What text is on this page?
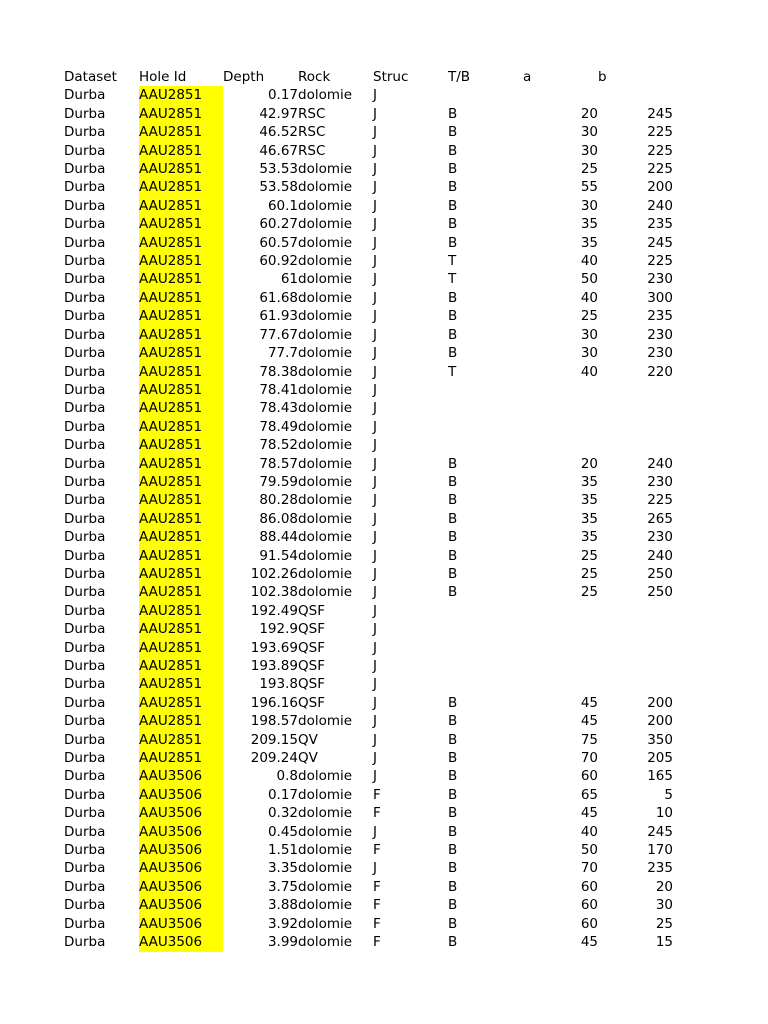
Dataset	Hole Id	Depth	Rock	Struc	T/B	a	b
Durba	AAU2851	0.17	dolomie	J			
Durba	AAU2851	42.97	RSC	J	B	20	245
Durba	AAU2851	46.52	RSC	J	B	30	225
Durba	AAU2851	46.67	RSC	J	B	30	225
Durba	AAU2851	53.53	dolomie	J	B	25	225
Durba	AAU2851	53.58	dolomie	J	B	55	200
Durba	AAU2851	60.1	dolomie	J	B	30	240
Durba	AAU2851	60.27	dolomie	J	B	35	235
Durba	AAU2851	60.57	dolomie	J	B	35	245
Durba	AAU2851	60.92	dolomie	J	T	40	225
Durba	AAU2851	61	dolomie	J	T	50	230
Durba	AAU2851	61.68	dolomie	J	B	40	300
Durba	AAU2851	61.93	dolomie	J	B	25	235
Durba	AAU2851	77.67	dolomie	J	B	30	230
Durba	AAU2851	77.7	dolomie	J	B	30	230
Durba	AAU2851	78.38	dolomie	J	T	40	220
Durba	AAU2851	78.41	dolomie	J			
Durba	AAU2851	78.43	dolomie	J			
Durba	AAU2851	78.49	dolomie	J			
Durba	AAU2851	78.52	dolomie	J			
Durba	AAU2851	78.57	dolomie	J	B	20	240
Durba	AAU2851	79.59	dolomie	J	B	35	230
Durba	AAU2851	80.28	dolomie	J	B	35	225
Durba	AAU2851	86.08	dolomie	J	B	35	265
Durba	AAU2851	88.44	dolomie	J	B	35	230
Durba	AAU2851	91.54	dolomie	J	B	25	240
Durba	AAU2851	102.26	dolomie	J	B	25	250
Durba	AAU2851	102.38	dolomie	J	B	25	250
Durba	AAU2851	192.49	QSF	J			
Durba	AAU2851	192.9	QSF	J			
Durba	AAU2851	193.69	QSF	J			
Durba	AAU2851	193.89	QSF	J			
Durba	AAU2851	193.8	QSF	J			
Durba	AAU2851	196.16	QSF	J	B	45	200
Durba	AAU2851	198.57	dolomie	J	B	45	200
Durba	AAU2851	209.15	QV	J	B	75	350
Durba	AAU2851	209.24	QV	J	B	70	205
Durba	AAU3506	0.8	dolomie	J	B	60	165
Durba	AAU3506	0.17	dolomie	F	B	65	5
Durba	AAU3506	0.32	dolomie	F	B	45	10
Durba	AAU3506	0.45	dolomie	J	B	40	245
Durba	AAU3506	1.51	dolomie	F	B	50	170
Durba	AAU3506	3.35	dolomie	J	B	70	235
Durba	AAU3506	3.75	dolomie	F	B	60	20
Durba	AAU3506	3.88	dolomie	F	B	60	30
Durba	AAU3506	3.92	dolomie	F	B	60	25
Durba	AAU3506	3.99	dolomie	F	B	45	15
